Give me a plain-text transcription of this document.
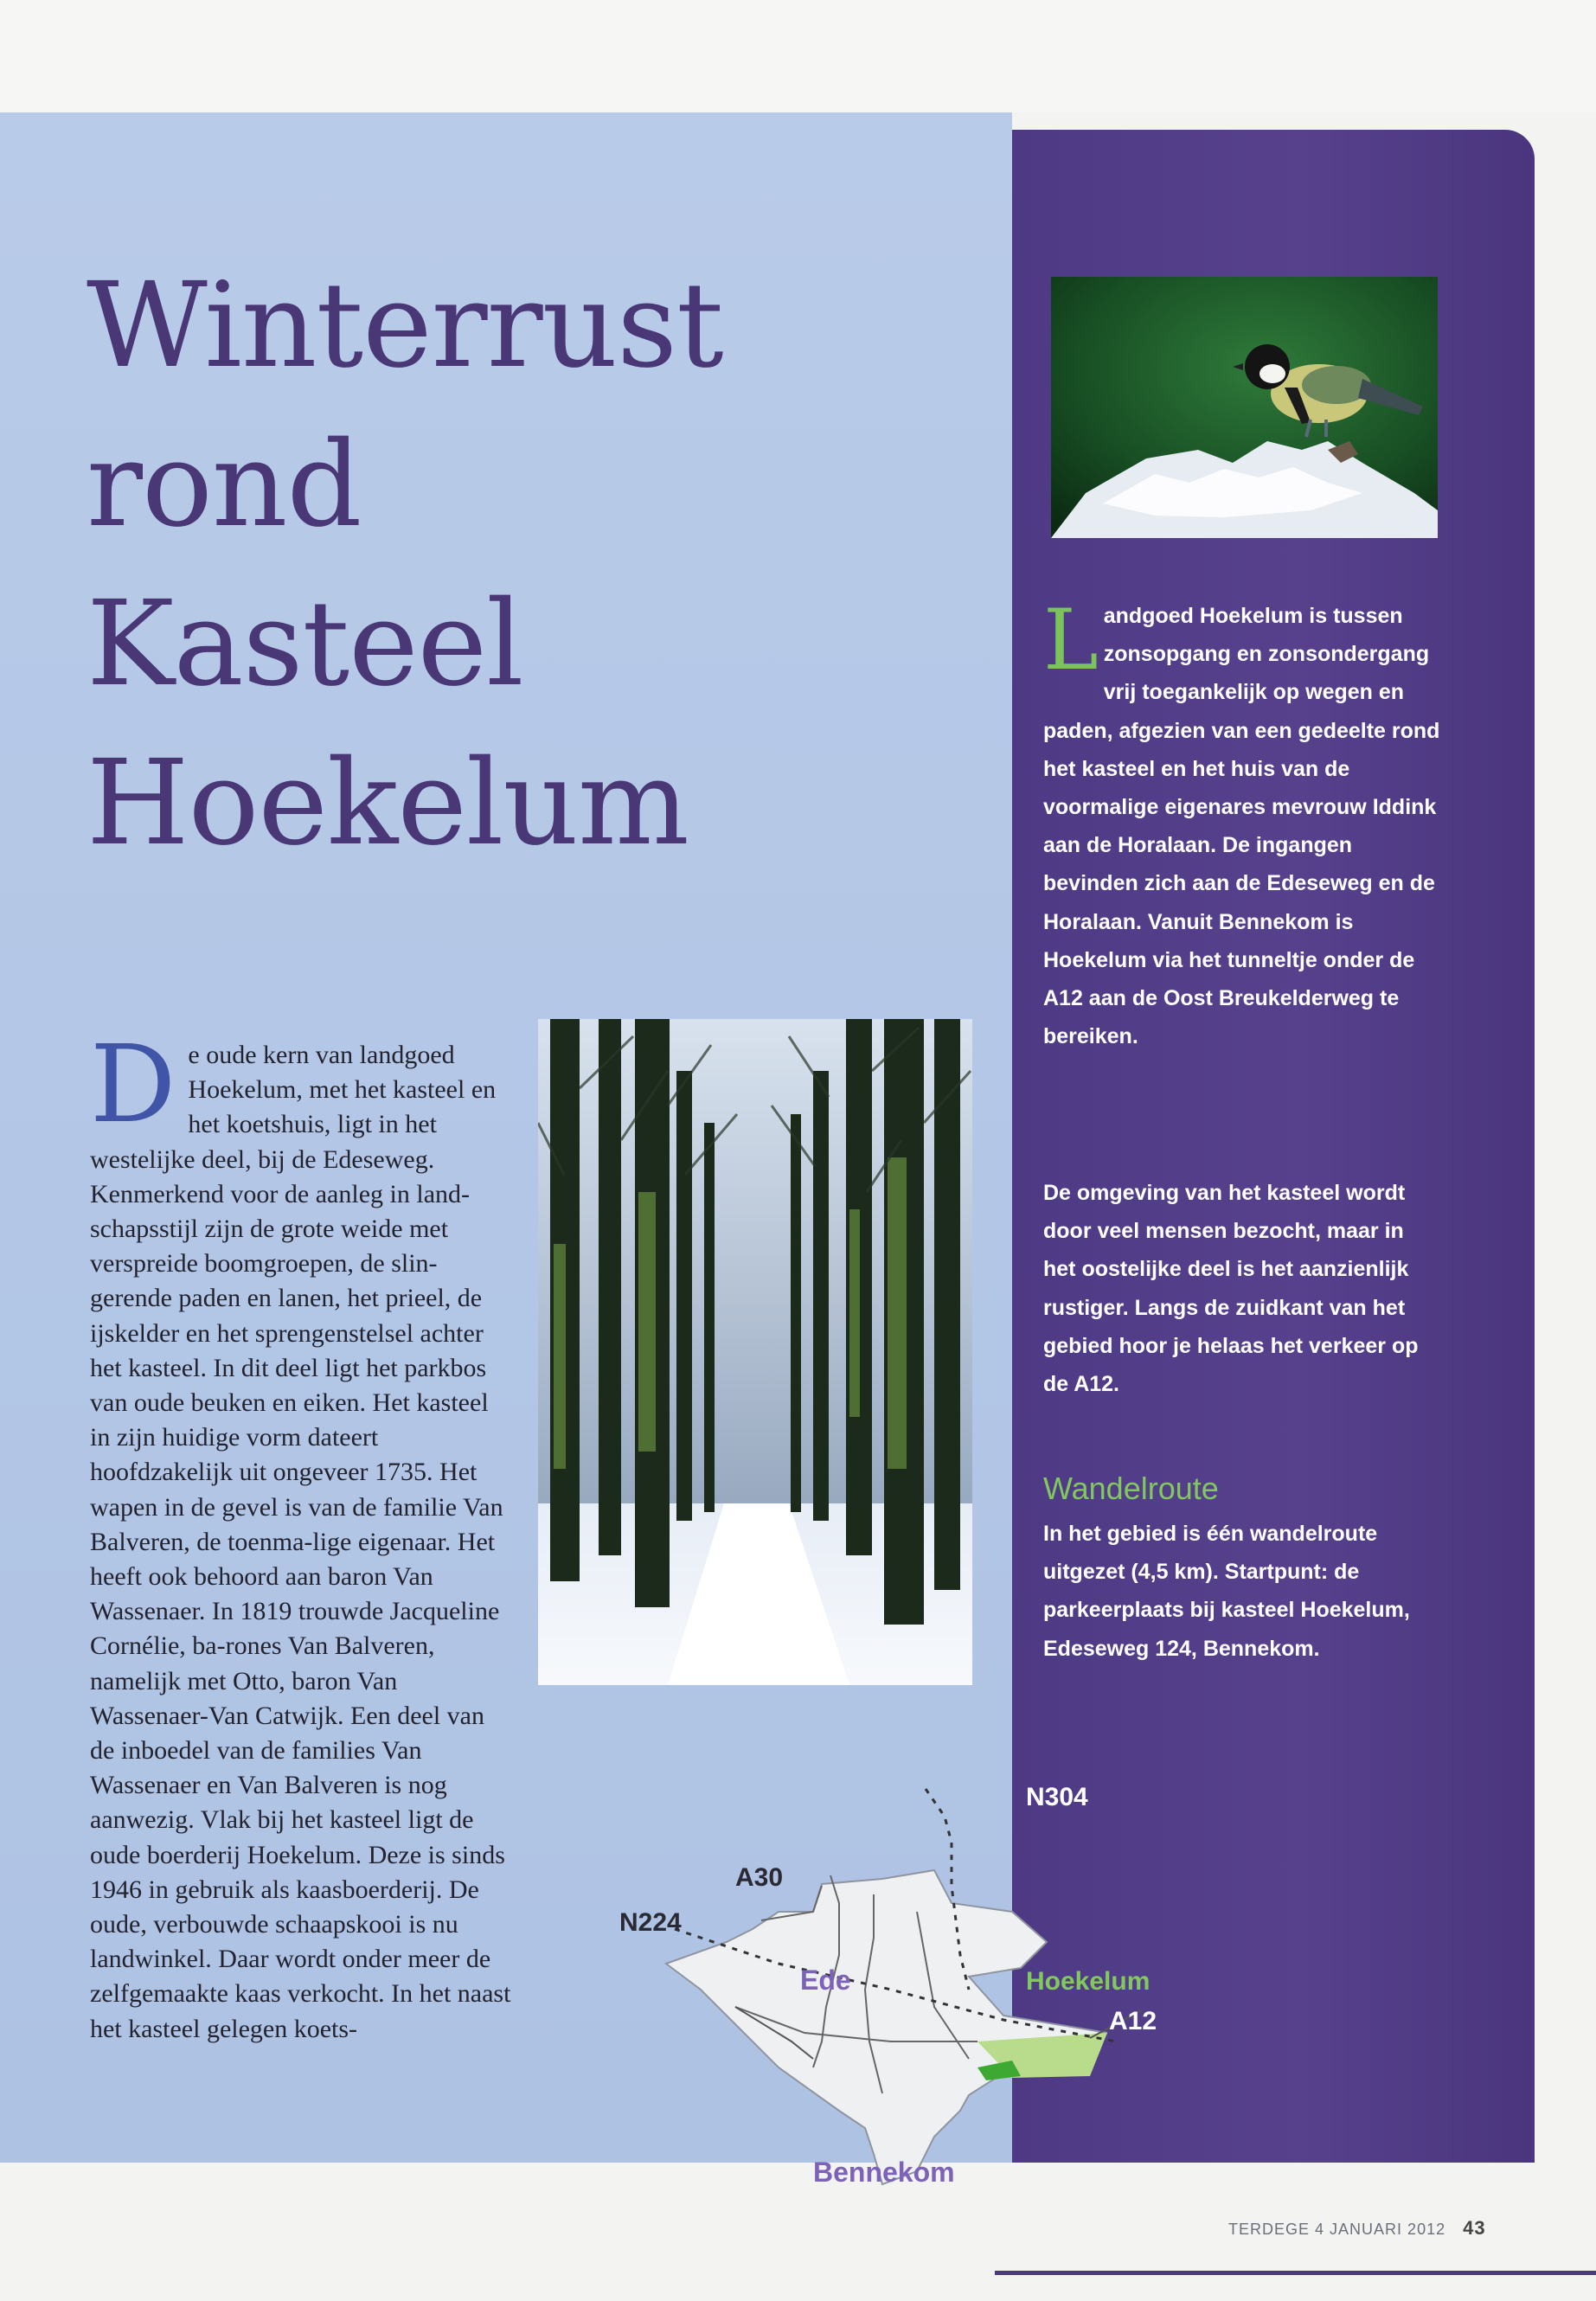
Winterrust
rond
Kasteel
Hoekelum
D e oude kern van landgoed Hoekelum, met het kasteel en het koetshuis, ligt in het westelijke deel, bij de Edeseweg. Kenmerkend voor de aanleg in land-schapsstijl zijn de grote weide met verspreide boomgroepen, de slin-gerende paden en lanen, het prieel, de ijskelder en het sprengenstelsel achter het kasteel. In dit deel ligt het parkbos van oude beuken en eiken. Het kasteel in zijn huidige vorm dateert hoofdzakelijk uit ongeveer 1735. Het wapen in de gevel is van de familie Van Balveren, de toenma-lige eigenaar. Het heeft ook behoord aan baron Van Wassenaer. In 1819 trouwde Jacqueline Cornélie, ba-rones Van Balveren, namelijk met Otto, baron Van Wassenaer-Van Catwijk. Een deel van de inboedel van de families Van Wassenaer en Van Balveren is nog aanwezig. Vlak bij het kasteel ligt de oude boerderij Hoekelum. Deze is sinds 1946 in gebruik als kaasboerderij. De oude, verbouwde schaapskooi is nu landwinkel. Daar wordt onder meer de zelfgemaakte kaas verkocht. In het naast het kasteel gelegen koets-
L andgoed Hoekelum is tussen zonsopgang en zonsondergang vrij toegankelijk op wegen en paden, afgezien van een gedeelte rond het kasteel en het huis van de voormalige eigenares mevrouw Iddink aan de Horalaan. De ingangen bevinden zich aan de Edeseweg en de Horalaan. Vanuit Bennekom is Hoekelum via het tunneltje onder de A12 aan de Oost Breukelderweg te bereiken.
De omgeving van het kasteel wordt door veel mensen bezocht, maar in het oostelijke deel is het aanzienlijk rustiger. Langs de zuidkant van het gebied hoor je helaas het verkeer op de A12.
Wandelroute
In het gebied is één wandelroute uitgezet (4,5 km). Startpunt: de parkeerplaats bij kasteel Hoekelum, Edeseweg 124, Bennekom.
A30
N224
N304
Ede	Hoekelum
A12
Bennekom
TERDEGE 4 JANUARI 2012 43
